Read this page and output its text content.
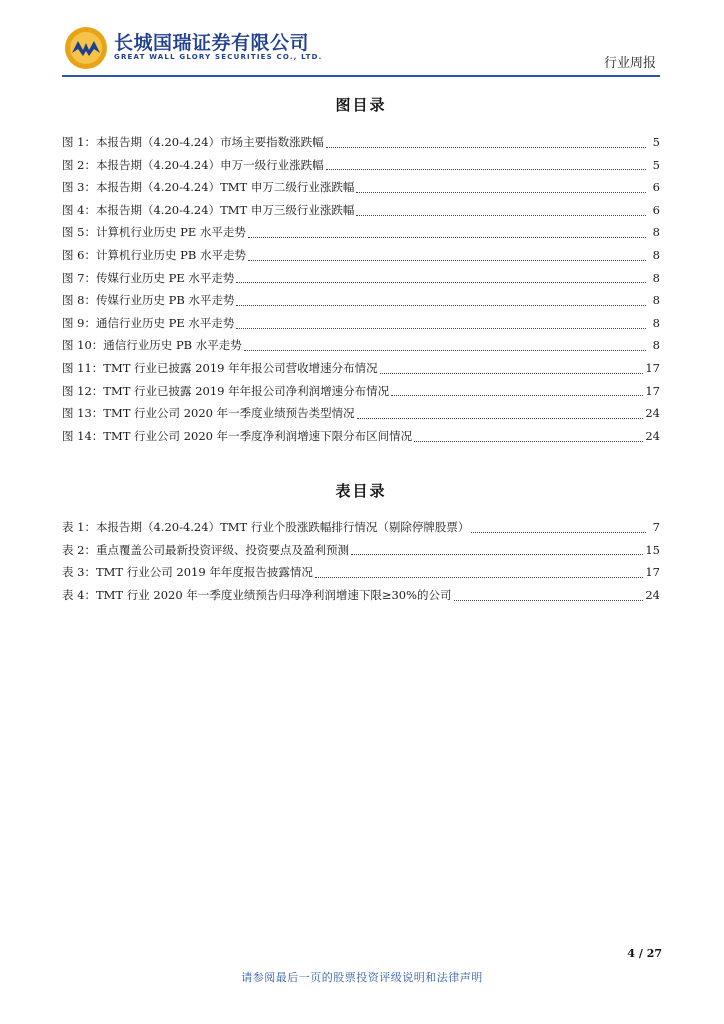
长城国瑞证券有限公司
GREAT WALL GLORY SECURITIES CO., LTD.	行业周报
图目录
图 1：本报告期（4.20-4.24）市场主要指数涨跌幅	5
图 2：本报告期（4.20-4.24）申万一级行业涨跌幅	5
图 3：本报告期（4.20-4.24）TMT 申万二级行业涨跌幅	6
图 4：本报告期（4.20-4.24）TMT 申万三级行业涨跌幅	6
图 5：计算机行业历史 PE 水平走势	8
图 6：计算机行业历史 PB 水平走势	8
图 7：传媒行业历史 PE 水平走势	8
图 8：传媒行业历史 PB 水平走势	8
图 9：通信行业历史 PE 水平走势	8
图 10：通信行业历史 PB 水平走势	8
图 11：TMT 行业已披露 2019 年年报公司营收增速分布情况	17
图 12：TMT 行业已披露 2019 年年报公司净利润增速分布情况	17
图 13：TMT 行业公司 2020 年一季度业绩预告类型情况	24
图 14：TMT 行业公司 2020 年一季度净利润增速下限分布区间情况	24
表目录
表 1：本报告期（4.20-4.24）TMT 行业个股涨跌幅排行情况（剔除停牌股票）	7
表 2：重点覆盖公司最新投资评级、投资要点及盈利预测	15
表 3：TMT 行业公司 2019 年年度报告披露情况	17
表 4：TMT 行业 2020 年一季度业绩预告归母净利润增速下限≥30%的公司	24
4 / 27
请参阅最后一页的股票投资评级说明和法律声明
